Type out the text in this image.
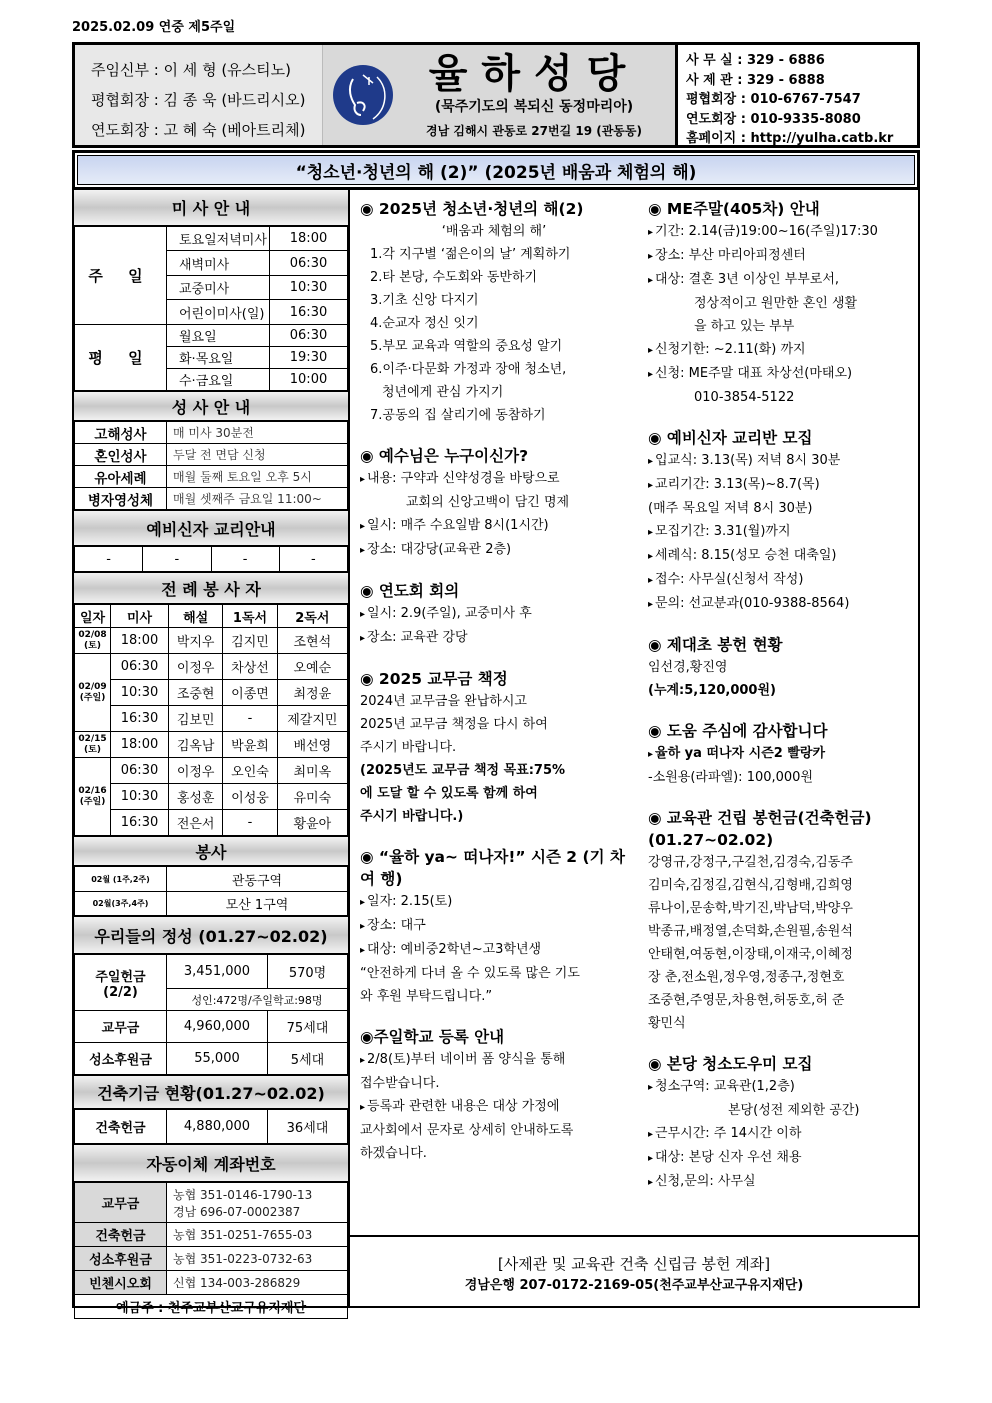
2025.02.09 연중 제5주일
주임신부 : 이 세 형 (유스티노)
평협회장 : 김 종 욱 (바드리시오)
연도회장 : 고 혜 숙 (베아트리체)
율하성당
(묵주기도의 복되신 동정마리아)
경남 김해시 관동로 27번길 19 (관동동)
사 무 실 : 329 - 6886
사 제 관 : 329 - 6888
평협회장 : 010-6767-7547
연도회장 : 010-9335-8080
홈페이지 : http://yulha.catb.kr
“청소년·청년의 해 (2)” (2025년 배움과 체험의 해)
미 사 안 내
주 일	토요일저녁미사	18:00
	새벽미사	06:30
	교중미사	10:30
	어린이미사(일)	16:30
평 일	월요일	06:30
	화·목요일	19:30
	수·금요일	10:00
성 사 안 내
고해성사	매 미사 30분전
혼인성사	두달 전 면담 신청
유아세례	매월 둘째 토요일 오후 5시
병자영성체	매월 셋째주 금요일 11:00~
예비신자 교리안내
-	-	-	-
전 례 봉 사 자
일자	미사	해설	1독서	2독서
02/08 (토)	18:00	박지우	김지민	조현석
02/09 (주일)	06:30	이정우	차상선	오예순
	10:30	조중현	이종면	최정윤
	16:30	김보민	-	제갈지민
02/15 (토)	18:00	김옥남	박윤희	배선영
02/16 (주일)	06:30	이정우	오인숙	최미옥
	10:30	홍성훈	이성웅	유미숙
	16:30	전은서	-	황윤아
봉사
02월 (1주,2주)	관동구역
02월(3주,4주)	모산 1구역
우리들의 정성 (01.27~02.02)
주일헌금 (2/2)	3,451,000	570명
	성인:472명/주일학교:98명	
교무금	4,960,000	75세대
성소후원금	55,000	5세대
건축기금 현황(01.27~02.02)
건축헌금	4,880,000	36세대
자동이체 계좌번호
교무금	농협 351-0146-1790-13
경남 696-07-0002387

건축헌금	농협 351-0251-7655-03
성소후원금	농협 351-0223-0732-63
빈첸시오회	신협 134-003-286829
예금주 : 천주교부산교구유지재단	
◉ 2025년 청소년·청년의 해(2)
‘배움과 체험의 해’
1.각 지구별 ‘젊은이의 날’ 계획하기
2.타 본당, 수도회와 동반하기
3.기초 신앙 다지기
4.순교자 정신 잇기
5.부모 교육과 역할의 중요성 알기
6.이주·다문화 가정과 장애 청소년,
청년에게 관심 가지기
7.공동의 집 살리기에 동참하기
◉ 예수님은 누구이신가?
▸ 내용: 구약과 신약성경을 바탕으로
교회의 신앙고백이 담긴 명제
▸ 일시: 매주 수요일밤 8시(1시간)
▸ 장소: 대강당(교육관 2층)
◉ 연도회 회의
▸ 일시: 2.9(주일), 교중미사 후
▸ 장소: 교육관 강당
◉ 2025 교무금 책정
2024년 교무금을 완납하시고
2025년 교무금 책정을 다시 하여
주시기 바랍니다.
(2025년도 교무금 책정 목표:75%
에 도달 할 수 있도록 함께 하여
주시기 바랍니다.)
◉ “율하 ya~ 떠나자!” 시즌 2 (기 차 여 행)
▸ 일자: 2.15(토)
▸ 장소: 대구
▸ 대상: 예비중2학년~고3학년생
“안전하게 다녀 올 수 있도록 많은 기도
와 후원 부탁드립니다.”
◉주일학교 등록 안내
▸ 2/8(토)부터 네이버 폼 양식을 통해
접수받습니다.
▸ 등록과 관련한 내용은 대상 가정에
교사회에서 문자로 상세히 안내하도록
하겠습니다.
◉ ME주말(405차) 안내
▸ 기간: 2.14(금)19:00~16(주일)17:30
▸ 장소: 부산 마리아피정센터
▸ 대상: 결혼 3년 이상인 부부로서,
정상적이고 원만한 혼인 생활
을 하고 있는 부부
▸ 신청기한: ~2.11(화) 까지
▸ 신청: ME주말 대표 차상선(마태오)
010-3854-5122
◉ 예비신자 교리반 모집
▸ 입교식: 3.13(목) 저녁 8시 30분
▸ 교리기간: 3.13(목)~8.7(목)
(매주 목요일 저녁 8시 30분)
▸ 모집기간: 3.31(월)까지
▸ 세례식: 8.15(성모 승천 대축일)
▸ 접수: 사무실(신청서 작성)
▸ 문의: 선교분과(010-9388-8564)
◉ 제대초 봉헌 현황
임선경,황진영
(누계:5,120,000원)
◉ 도움 주심에 감사합니다
▸ 율하 ya 떠나자 시즌2 빨랑카
-소원용(라파엘): 100,000원
◉ 교육관 건립 봉헌금(건축헌금) (01.27~02.02)
강영규,강정구,구길천,김경숙,김동주
김미숙,김정길,김현식,김형배,김희영
류나이,문송학,박기진,박남덕,박양우
박종규,배정열,손덕화,손원필,송원석
안태현,여동현,이장태,이재국,이혜정
장 춘,전소원,정우영,정종구,정현호
조중현,주영문,차용현,허동호,허 준
황민식
◉ 본당 청소도우미 모집
▸ 청소구역: 교육관(1,2층)
본당(성전 제외한 공간)
▸ 근무시간: 주 14시간 이하
▸ 대상: 본당 신자 우선 채용
▸ 신청,문의: 사무실
[사제관 및 교육관 건축 신립금 봉헌 계좌]
경남은행 207-0172-2169-05(천주교부산교구유지재단)
